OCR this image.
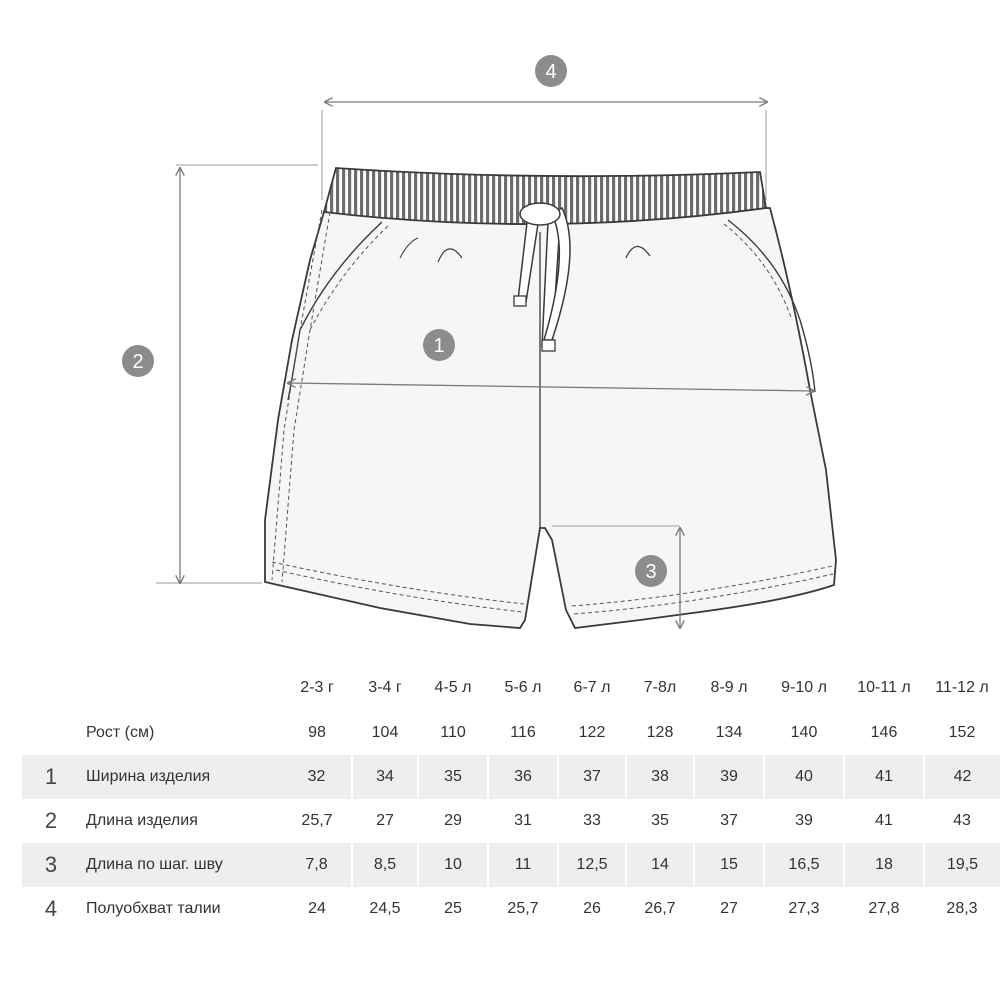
1
2
3
4
		2-3 г	3-4 г	4-5 л	5-6 л	6-7 л	7-8л	8-9 л	9-10 л	10-11 л	11-12 л
	Рост (см)	98	104	110	116	122	128	134	140	146	152
1	Ширина изделия	32	34	35	36	37	38	39	40	41	42
2	Длина изделия	25,7	27	29	31	33	35	37	39	41	43
3	Длина по шаг. шву	7,8	8,5	10	11	12,5	14	15	16,5	18	19,5
4	Полуобхват талии	24	24,5	25	25,7	26	26,7	27	27,3	27,8	28,3
